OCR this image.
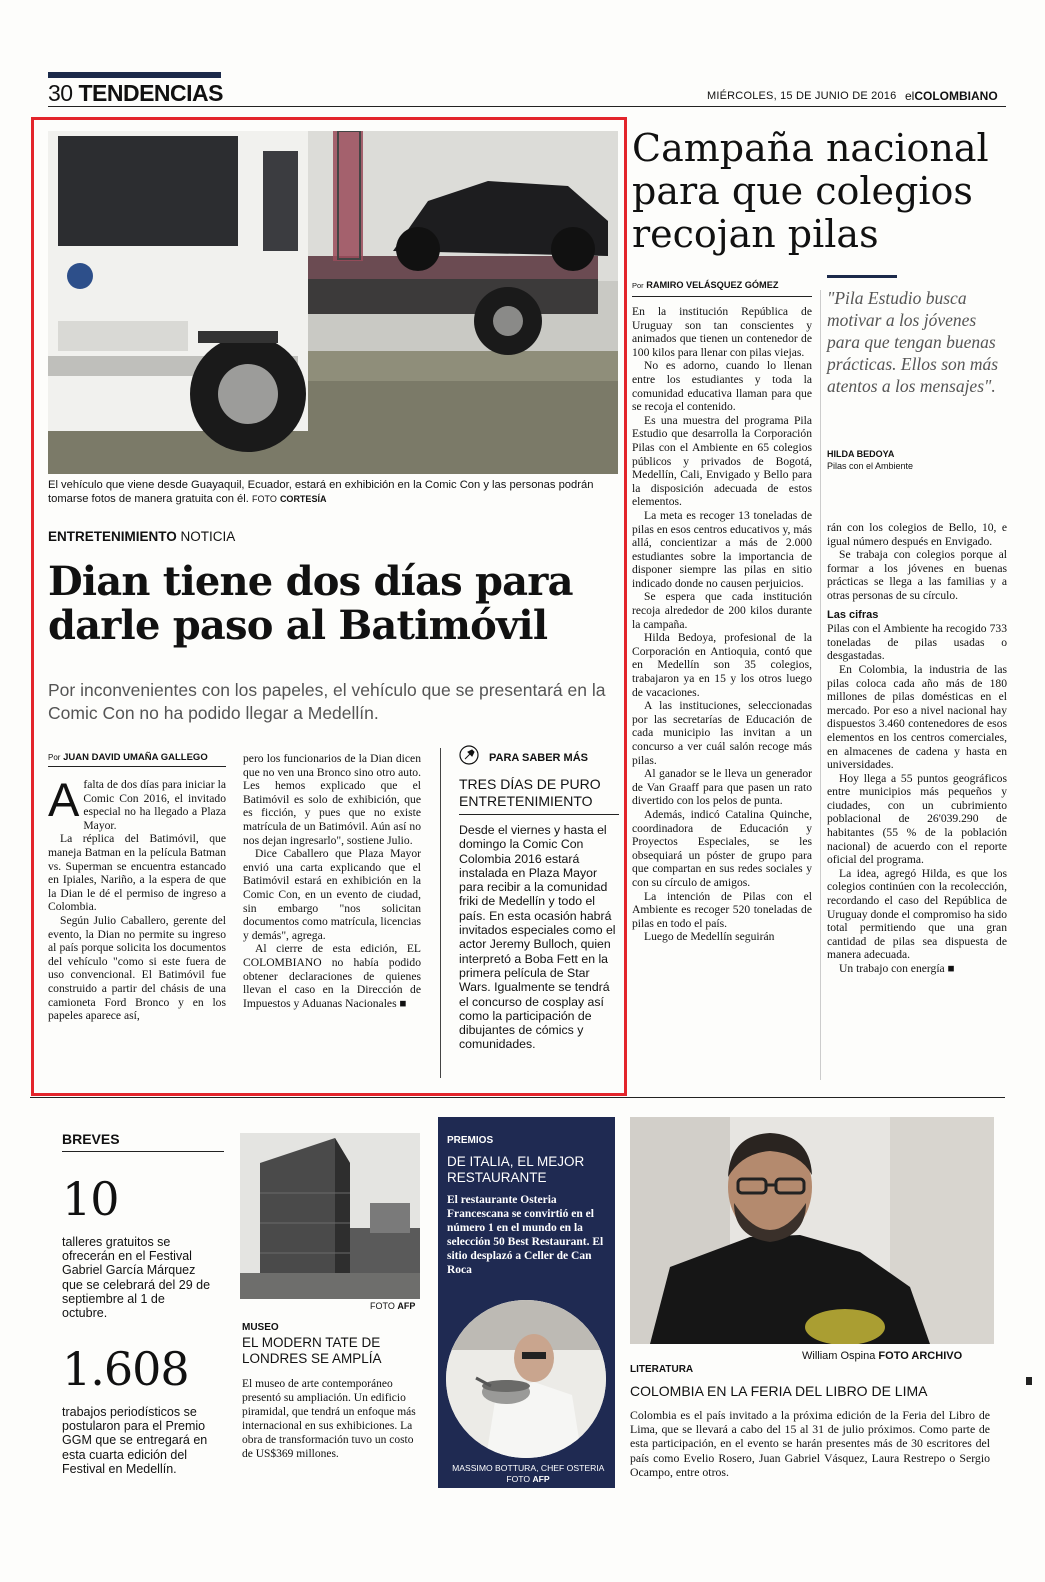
30 TENDENCIAS	MIÉRCOLES, 15 DE JUNIO DE 2016 elCOLOMBIANO
El vehículo que viene desde Guayaquil, Ecuador, estará en exhibición en la Comic Con y las personas podrán tomarse fotos de manera gratuita con él. FOTO CORTESÍA
ENTRETENIMIENTO NOTICIA
Dian tiene dos días para darle paso al Batimóvil
Por inconvenientes con los papeles, el vehículo que se presentará en la Comic Con no ha podido llegar a Medellín.
Por JUAN DAVID UMAÑA GALLEGO

Afalta de dos días para iniciar la Comic Con 2016, el invitado especial no ha llegado a Plaza Mayor.

La réplica del Batimóvil, que maneja Batman en la película Batman vs. Superman se encuentra estancado en Ipiales, Nariño, a la espera de que la Dian le dé el permiso de ingreso a Colombia.

Según Julio Caballero, gerente del evento, la Dian no permite su ingreso al país porque solicita los documentos del vehículo "como si este fuera de uso convencional. El Batimóvil fue construido a partir del chásis de una camioneta Ford Bronco y en los papeles aparece así,

pero los funcionarios de la Dian dicen que no ven una Bronco sino otro auto. Les hemos explicado que el Batimóvil es solo de exhibición, que es ficción, y pues que no existe matrícula de un Batimóvil. Aún así no nos dejan ingresarlo", sostiene Julio.

Dice Caballero que Plaza Mayor envió una carta explicando que el Batimóvil estará en exhibición en la Comic Con, en un evento de ciudad, sin embargo "nos solicitan documentos como matrícula, licencias y demás", agrega.

Al cierre de esta edición, EL COLOMBIANO no había podido obtener declaraciones de quienes llevan el caso en la Dirección de Impuestos y Aduanas Nacionales ■

PARA SABER MÁS
TRES DÍAS DE PURO ENTRETENIMIENTO
Desde el viernes y hasta el domingo la Comic Con Colombia 2016 estará instalada en Plaza Mayor para recibir a la comunidad friki de Medellín y todo el país. En esta ocasión habrá invitados especiales como el actor Jeremy Bulloch, quien interpretó a Boba Fett en la primera película de Star Wars. Igualmente se tendrá el concurso de cosplay así como la participación de dibujantes de cómics y comunidades.
Campaña nacional para que colegios recojan pilas
Por RAMIRO VELÁSQUEZ GÓMEZ

En la institución República de Uruguay son tan conscientes y animados que tienen un contenedor de 100 kilos para llenar con pilas viejas.

No es adorno, cuando lo llenan entre los estudiantes y toda la comunidad educativa llaman para que se recoja el contenido.

Es una muestra del programa Pila Estudio que desarrolla la Corporación Pilas con el Ambiente en 65 colegios públicos y privados de Bogotá, Medellín, Cali, Envigado y Bello para la disposición adecuada de estos elementos.

La meta es recoger 13 toneladas de pilas en esos centros educativos y, más allá, concientizar a más de 2.000 estudiantes sobre la importancia de disponer siempre las pilas en sitio indicado donde no causen perjuicios.

Se espera que cada institución recoja alrededor de 200 kilos durante la campaña.

Hilda Bedoya, profesional de la Corporación en Antioquia, contó que en Medellín son 35 colegios, trabajaron ya en 15 y los otros luego de vacaciones.

A las instituciones, seleccionadas por las secretarías de Educación de cada municipio las invitan a un concurso a ver cuál salón recoge más pilas.

Al ganador se le lleva un generador de Van Graaff para que pasen un rato divertido con los pelos de punta.

Además, indicó Catalina Quinche, coordinadora de Educación y Proyectos Especiales, se les obsequiará un póster de grupo para que compartan en sus redes sociales y con su círculo de amigos.

La intención de Pilas con el Ambiente es recoger 520 toneladas de pilas en todo el país.

Luego de Medellín seguirán

"Pila Estudio busca motivar a los jóvenes para que tengan buenas prácticas. Ellos son más atentos a los mensajes".
HILDA BEDOYA
Pilas con el Ambiente

rán con los colegios de Bello, 10, e igual número después en Envigado.

Se trabaja con colegios porque al formar a los jóvenes en buenas prácticas se llega a las familias y a otras personas de su círculo.

Las cifras

Pilas con el Ambiente ha recogido 733 toneladas de pilas usadas o desgastadas.

En Colombia, la industria de las pilas coloca cada año más de 180 millones de pilas domésticas en el mercado. Por eso a nivel nacional hay dispuestos 3.460 contenedores de esos elementos en los centros comerciales, en almacenes de cadena y hasta en universidades.

Hoy llega a 55 puntos geográficos entre municipios más pequeños y ciudades, con un cubrimiento poblacional de 26'039.290 de habitantes (55 % de la población nacional) de acuerdo con el reporte oficial del programa.

La idea, agregó Hilda, es que los colegios continúen con la recolección, recordando el caso del República de Uruguay donde el compromiso ha sido total permitiendo que una gran cantidad de pilas sea dispuesta de manera adecuada.

Un trabajo con energía ■

BREVES
10
talleres gratuitos se ofrecerán en el Festival Gabriel García Márquez que se celebrará del 29 de septiembre al 1 de octubre.
1.608
trabajos periodísticos se postularon para el Premio GGM que se entregará en esta cuarta edición del Festival en Medellín.
FOTO AFP
MUSEO
EL MODERN TATE DE LONDRES SE AMPLÍA
El museo de arte contemporáneo presentó su ampliación. Un edificio piramidal, que tendrá un enfoque más internacional en sus exhibiciones. La obra de transformación tuvo un costo de US$369 millones.
PREMIOS
DE ITALIA, EL MEJOR RESTAURANTE
El restaurante Osteria Francescana se convirtió en el número 1 en el mundo en la selección 50 Best Restaurant. El sitio desplazó a Celler de Can Roca
MASSIMO BOTTURA, CHEF OSTERIA FOTO AFP
William Ospina FOTO ARCHIVO
LITERATURA
COLOMBIA EN LA FERIA DEL LIBRO DE LIMA
Colombia es el país invitado a la próxima edición de la Feria del Libro de Lima, que se llevará a cabo del 15 al 31 de julio próximos. Como parte de esta participación, en el evento se harán presentes más de 30 escritores del país como Evelio Rosero, Juan Gabriel Vásquez, Laura Restrepo o Sergio Ocampo, entre otros.
